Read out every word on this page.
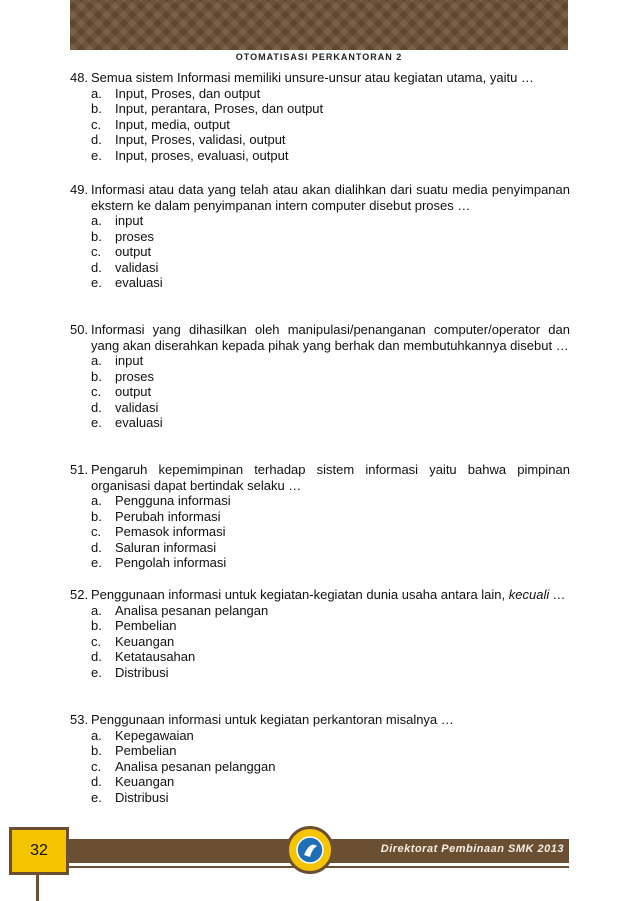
OTOMATISASI PERKANTORAN 2
48. Semua sistem Informasi memiliki unsure-unsur atau kegiatan utama, yaitu …
a. Input, Proses, dan output
b. Input, perantara, Proses, dan output
c. Input, media, output
d. Input, Proses, validasi, output
e. Input, proses, evaluasi, output
49. Informasi atau data yang telah atau akan dialihkan dari suatu media penyimpanan ekstern ke dalam penyimpanan intern computer disebut proses …
a. input
b. proses
c. output
d. validasi
e. evaluasi
50. Informasi yang dihasilkan oleh manipulasi/penanganan computer/operator dan yang akan diserahkan kepada pihak yang berhak dan membutuhkannya disebut …
a. input
b. proses
c. output
d. validasi
e. evaluasi
51. Pengaruh kepemimpinan terhadap sistem informasi yaitu bahwa pimpinan organisasi dapat bertindak selaku …
a. Pengguna informasi
b. Perubah informasi
c. Pemasok informasi
d. Saluran informasi
e. Pengolah informasi
52. Penggunaan informasi untuk kegiatan-kegiatan dunia usaha antara lain, kecuali …
a. Analisa pesanan pelangan
b. Pembelian
c. Keuangan
d. Ketatausahan
e. Distribusi
53. Penggunaan informasi untuk kegiatan perkantoran misalnya …
a. Kepegawaian
b. Pembelian
c. Analisa pesanan pelanggan
d. Keuangan
e. Distribusi
Direktorat Pembinaan SMK 2013
32
